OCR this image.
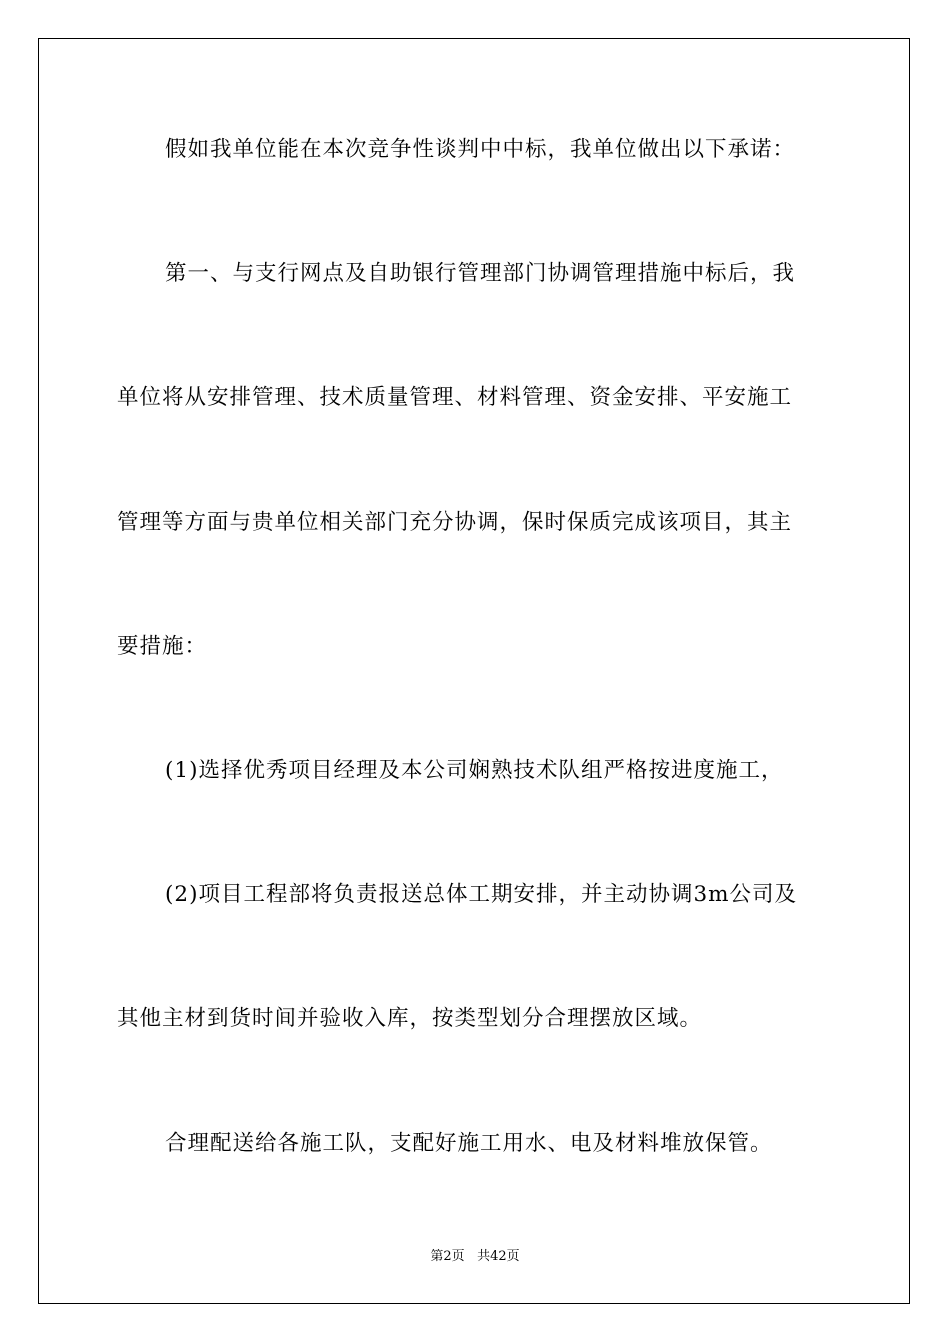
假如我单位能在本次竞争性谈判中中标，我单位做出以下承诺：

第一、与支行网点及自助银行管理部门协调管理措施中标后，我

单位将从安排管理、技术质量管理、材料管理、资金安排、平安施工

管理等方面与贵单位相关部门充分协调，保时保质完成该项目，其主

要措施：

(1)选择优秀项目经理及本公司娴熟技术队组严格按进度施工，

(2)项目工程部将负责报送总体工期安排，并主动协调3m公司及

其他主材到货时间并验收入库，按类型划分合理摆放区域。

合理配送给各施工队，支配好施工用水、电及材料堆放保管。

第2页 共42页
